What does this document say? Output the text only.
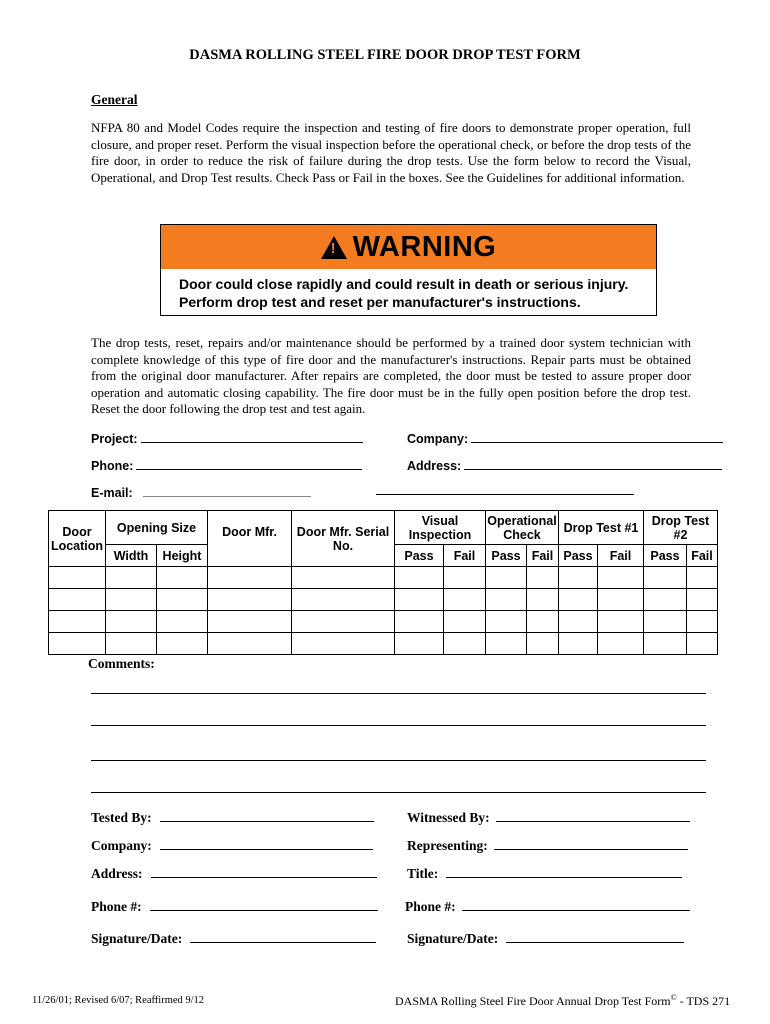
DASMA ROLLING STEEL FIRE DOOR DROP TEST FORM
General
NFPA 80 and Model Codes require the inspection and testing of fire doors to demonstrate proper operation, full closure, and proper reset. Perform the visual inspection before the operational check, or before the drop tests of the fire door, in order to reduce the risk of failure during the drop tests. Use the form below to record the Visual, Operational, and Drop Test results. Check Pass or Fail in the boxes. See the Guidelines for additional information.
! WARNING
Door could close rapidly and could result in death or serious injury.
Perform drop test and reset per manufacturer's instructions.
The drop tests, reset, repairs and/or maintenance should be performed by a trained door system technician with complete knowledge of this type of fire door and the manufacturer's instructions. Repair parts must be obtained from the original door manufacturer. After repairs are completed, the door must be tested to assure proper door operation and automatic closing capability. The fire door must be in the fully open position before the drop test. Reset the door following the drop test and test again.
Project:	Company:
Phone:	Address:
E-mail:
Door Location	Opening Size		Door Mfr.	Door Mfr. Serial No.	Visual Inspection		Operational Check		Drop Test #1		Drop Test #2	
	Width	Height			Pass	Fail	Pass	Fail	Pass	Fail	Pass	Fail

Comments:
Tested By:	Witnessed By:
Company:	Representing:
Address:	Title:
Phone #:	Phone #:
Signature/Date:	Signature/Date:
11/26/01; Revised 6/07; Reaffirmed 9/12	DASMA Rolling Steel Fire Door Annual Drop Test Form© - TDS 271
